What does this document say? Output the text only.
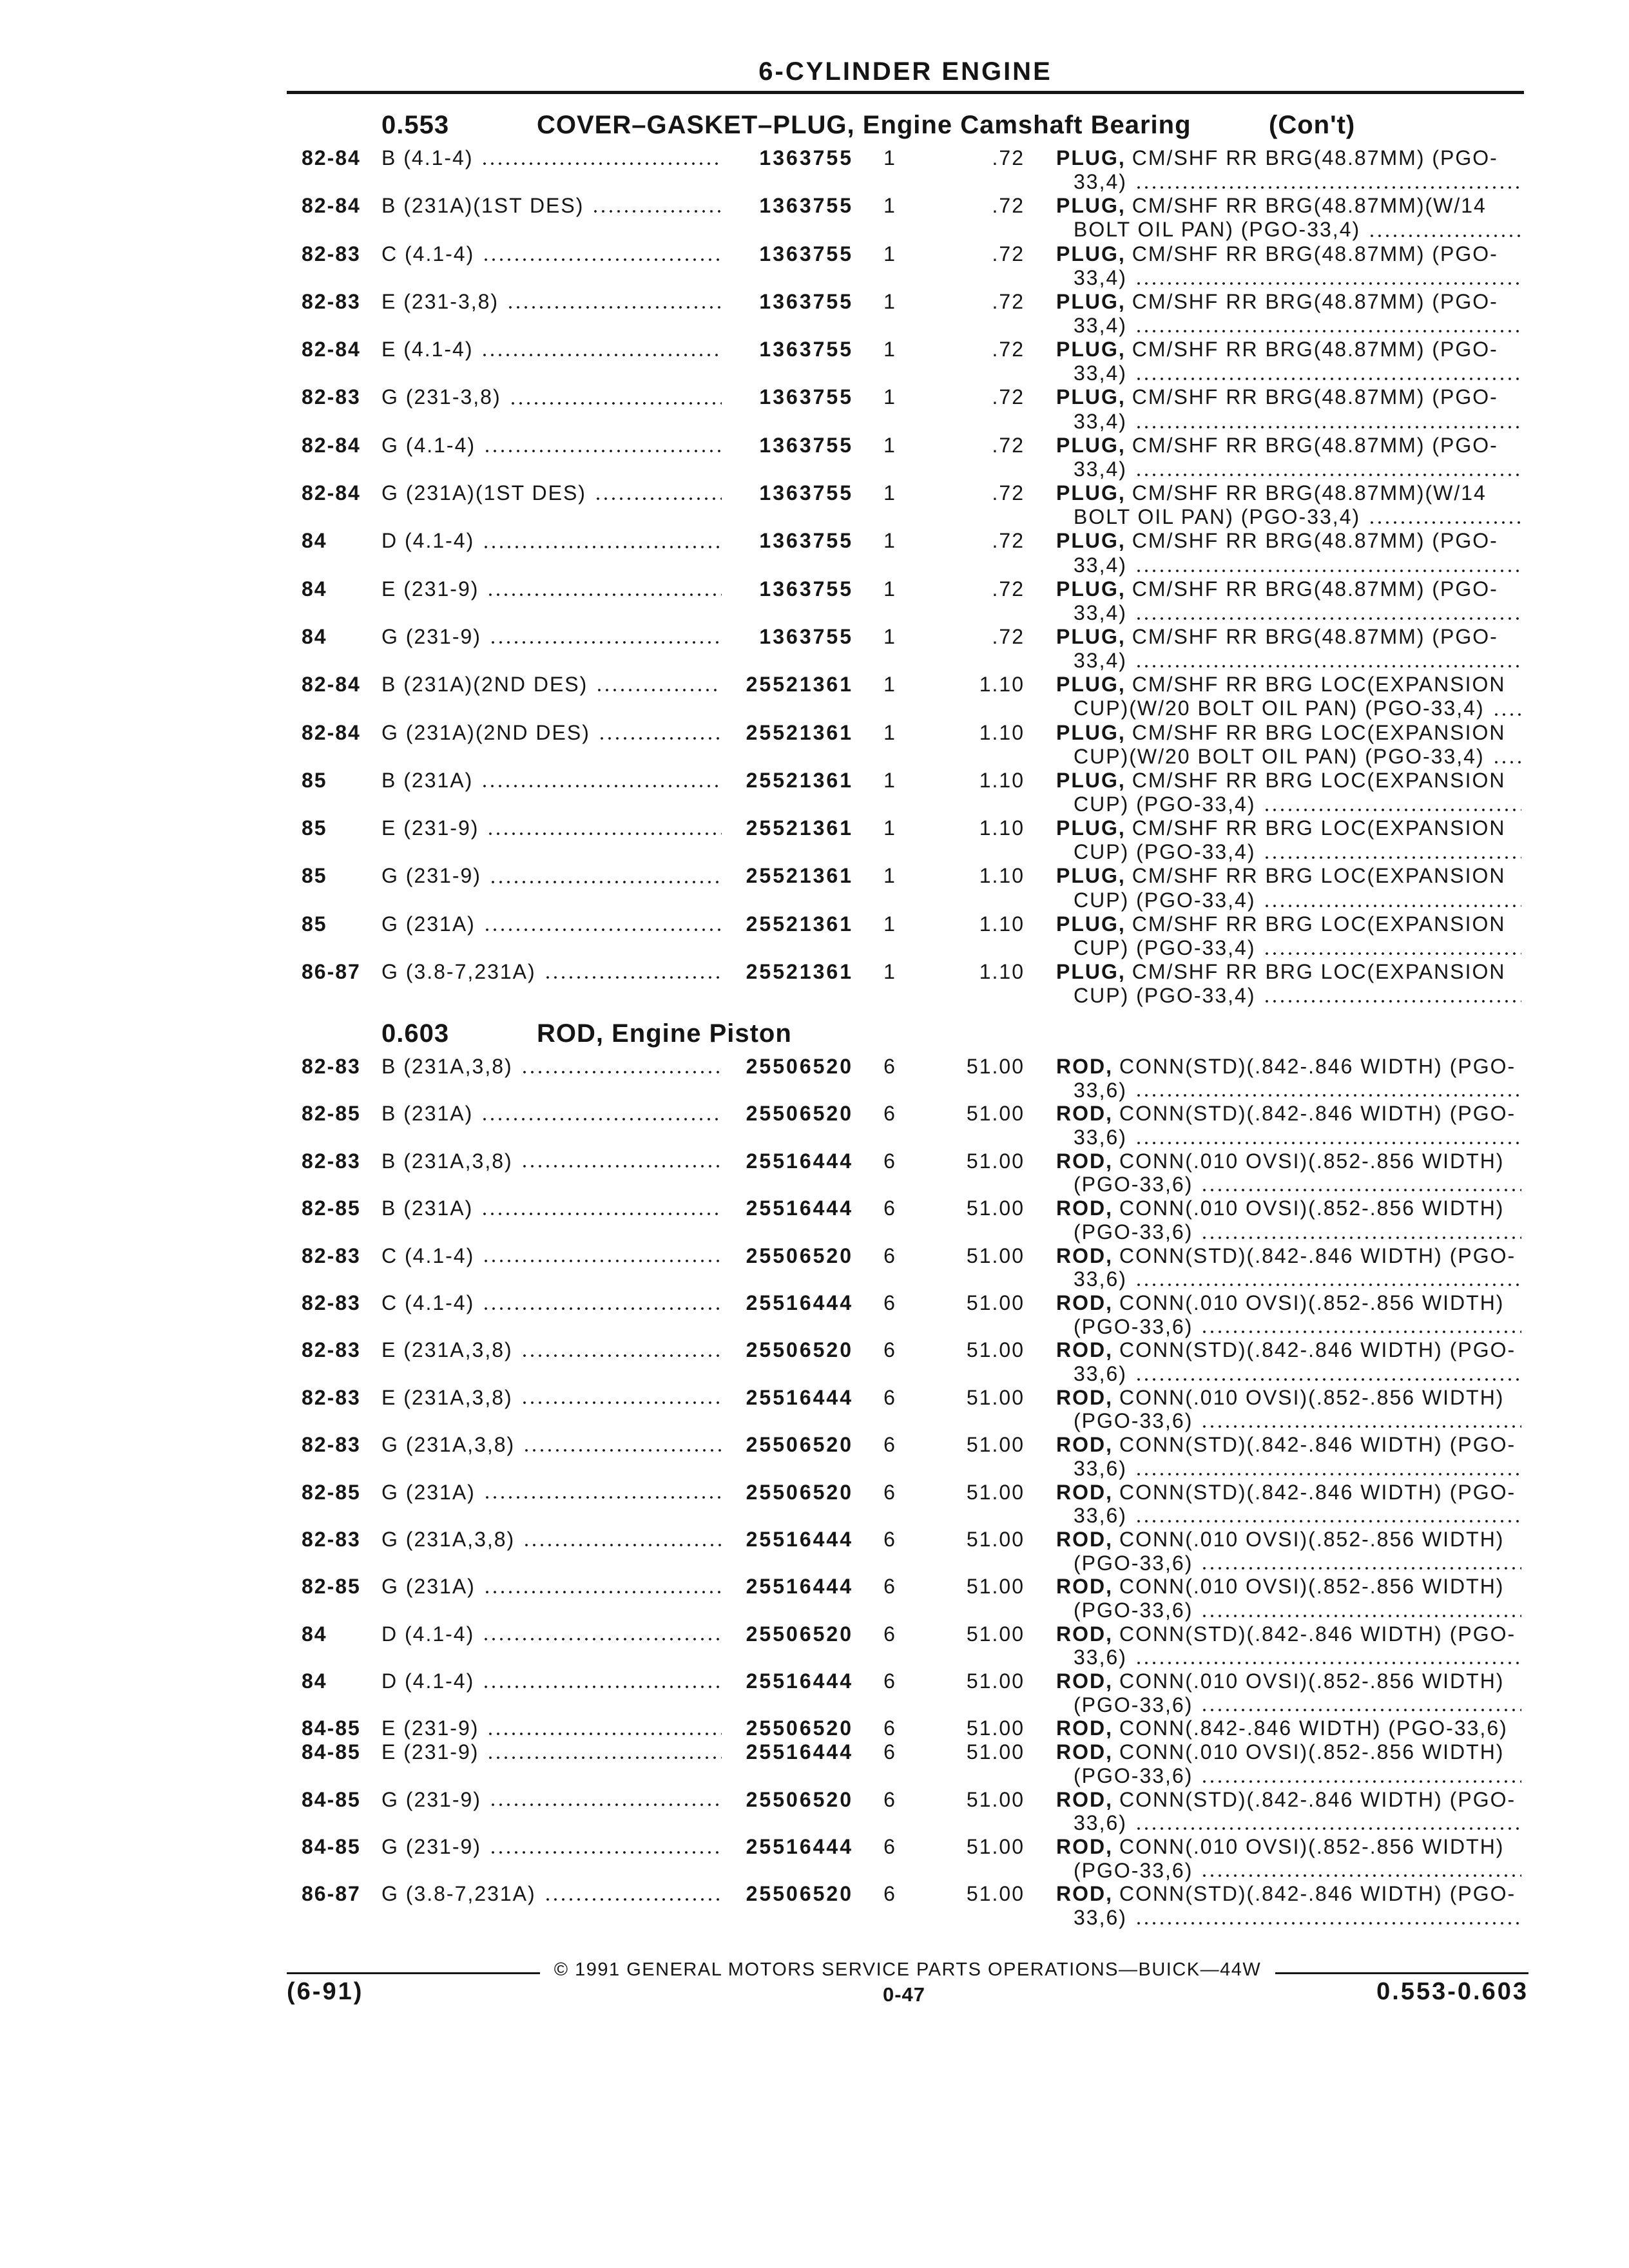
6-CYLINDER ENGINE
0.553	COVER–GASKET–PLUG, Engine Camshaft Bearing	(Con't)
82-84 B (4.1-4)	1363755	1	.72 PLUG, CM/SHF RR BRG(48.87MM) (PGO-
33,4)
82-84 B (231A)(1ST DES)	1363755	1	.72 PLUG, CM/SHF RR BRG(48.87MM)(W/14
BOLT OIL PAN) (PGO-33,4)
82-83 C (4.1-4)	1363755	1	.72 PLUG, CM/SHF RR BRG(48.87MM) (PGO-
33,4)
82-83 E (231-3,8)	1363755	1	.72 PLUG, CM/SHF RR BRG(48.87MM) (PGO-
33,4)
82-84 E (4.1-4)	1363755	1	.72 PLUG, CM/SHF RR BRG(48.87MM) (PGO-
33,4)
82-83 G (231-3,8)	1363755	1	.72 PLUG, CM/SHF RR BRG(48.87MM) (PGO-
33,4)
82-84 G (4.1-4)	1363755	1	.72 PLUG, CM/SHF RR BRG(48.87MM) (PGO-
33,4)
82-84 G (231A)(1ST DES)	1363755	1	.72 PLUG, CM/SHF RR BRG(48.87MM)(W/14
BOLT OIL PAN) (PGO-33,4)
84	D (4.1-4)	1363755	1	.72 PLUG, CM/SHF RR BRG(48.87MM) (PGO-
33,4)
84	E (231-9)	1363755	1	.72 PLUG, CM/SHF RR BRG(48.87MM) (PGO-
33,4)
84	G (231-9)	1363755	1	.72 PLUG, CM/SHF RR BRG(48.87MM) (PGO-
33,4)
82-84 B (231A)(2ND DES)	25521361	1	1.10 PLUG, CM/SHF RR BRG LOC(EXPANSION
CUP)(W/20 BOLT OIL PAN) (PGO-33,4)
82-84 G (231A)(2ND DES)	25521361	1	1.10 PLUG, CM/SHF RR BRG LOC(EXPANSION
CUP)(W/20 BOLT OIL PAN) (PGO-33,4)
85	B (231A)	25521361	1	1.10 PLUG, CM/SHF RR BRG LOC(EXPANSION
CUP) (PGO-33,4)
85	E (231-9)	25521361	1	1.10 PLUG, CM/SHF RR BRG LOC(EXPANSION
CUP) (PGO-33,4)
85	G (231-9)	25521361	1	1.10 PLUG, CM/SHF RR BRG LOC(EXPANSION
CUP) (PGO-33,4)
85	G (231A)	25521361	1	1.10 PLUG, CM/SHF RR BRG LOC(EXPANSION
CUP) (PGO-33,4)
86-87 G (3.8-7,231A)	25521361	1	1.10 PLUG, CM/SHF RR BRG LOC(EXPANSION
CUP) (PGO-33,4)
0.603	ROD, Engine Piston
82-83 B (231A,3,8)	25506520	6	51.00 ROD, CONN(STD)(.842-.846 WIDTH) (PGO-
33,6)
82-85 B (231A)	25506520	6	51.00 ROD, CONN(STD)(.842-.846 WIDTH) (PGO-
33,6)
82-83 B (231A,3,8)	25516444	6	51.00 ROD, CONN(.010 OVSI)(.852-.856 WIDTH)
(PGO-33,6)
82-85 B (231A)	25516444	6	51.00 ROD, CONN(.010 OVSI)(.852-.856 WIDTH)
(PGO-33,6)
82-83 C (4.1-4)	25506520	6	51.00 ROD, CONN(STD)(.842-.846 WIDTH) (PGO-
33,6)
82-83 C (4.1-4)	25516444	6	51.00 ROD, CONN(.010 OVSI)(.852-.856 WIDTH)
(PGO-33,6)
82-83 E (231A,3,8)	25506520	6	51.00 ROD, CONN(STD)(.842-.846 WIDTH) (PGO-
33,6)
82-83 E (231A,3,8)	25516444	6	51.00 ROD, CONN(.010 OVSI)(.852-.856 WIDTH)
(PGO-33,6)
82-83 G (231A,3,8)	25506520	6	51.00 ROD, CONN(STD)(.842-.846 WIDTH) (PGO-
33,6)
82-85 G (231A)	25506520	6	51.00 ROD, CONN(STD)(.842-.846 WIDTH) (PGO-
33,6)
82-83 G (231A,3,8)	25516444	6	51.00 ROD, CONN(.010 OVSI)(.852-.856 WIDTH)
(PGO-33,6)
82-85 G (231A)	25516444	6	51.00 ROD, CONN(.010 OVSI)(.852-.856 WIDTH)
(PGO-33,6)
84	D (4.1-4)	25506520	6	51.00 ROD, CONN(STD)(.842-.846 WIDTH) (PGO-
33,6)
84	D (4.1-4)	25516444	6	51.00 ROD, CONN(.010 OVSI)(.852-.856 WIDTH)
(PGO-33,6)
84-85 E (231-9)	25506520	6	51.00 ROD, CONN(.842-.846 WIDTH) (PGO-33,6)
84-85 E (231-9)	25516444	6	51.00 ROD, CONN(.010 OVSI)(.852-.856 WIDTH)
(PGO-33,6)
84-85 G (231-9)	25506520	6	51.00 ROD, CONN(STD)(.842-.846 WIDTH) (PGO-
33,6)
84-85 G (231-9)	25516444	6	51.00 ROD, CONN(.010 OVSI)(.852-.856 WIDTH)
(PGO-33,6)
86-87 G (3.8-7,231A)	25506520	6	51.00 ROD, CONN(STD)(.842-.846 WIDTH) (PGO-
33,6)
© 1991 GENERAL MOTORS SERVICE PARTS OPERATIONS—BUICK—44W
(6-91)	0-47	0.553-0.603
